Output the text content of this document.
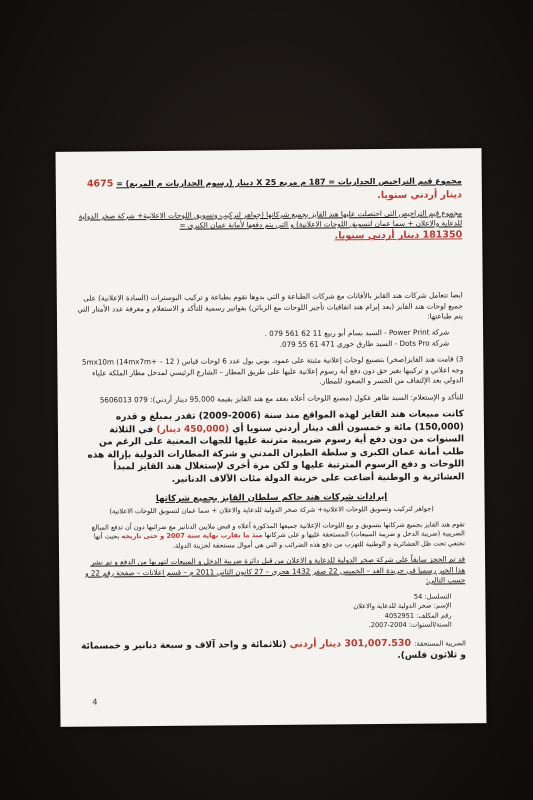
مجموع قيم التراخيص الجداريات = 187 م مربع X 25 دينار (رسوم الجداريات م المربع) = 4675 دينار أردني سنويا.

مجموع قيم التراخيص التي احتصلت عليها هند القايز بجميع شركاتها (جواهر لتركيب وتسويق اللوحات الاعلانية+ شركة صخر الدولية للدعاية والاعلان + سما عمان لتسويق اللوحات الاعلانية) و التي يتم دفعها لأمانة عمان الكبرى =
181350 دينار أردني سنويا.

ايضا تتعامل شركات هند القايز بالأفاتات مع شركات الطباعة و التي بدوها تقوم بطباعة و تركيب البوسترات (السادة الإعلانية) على جميع لوحات هند القايز (بعد إبرام هند اتفاقيات تأجير اللوحات مع الزبائن) بفواتير رسمية للتأكد و الاستعلام و معرفة عدد الأمتار التي يتم طباعتها:

شركة Power Print - السيد بسام أبو ربيع 11 62 561 079 .
شركة Dots Pro - السيد طارق خوري 471 61 55 079.

3) قامت هند القايز(صخر) بتصنيع لوحات إعلانية مثبتة على عمود، يوني بول عدد 6 لوحات قياس ( 5mx10m (14mx7m+ – 12 وجه اعلاني و تركيبها بغير حق دون دفع أية رسوم إعلانية عليها على طريق المطار – الشارع الرئيسي لمدخل مطار الملكة علياء الدولي بعد الإلتفاف من الجسر و الصعود للمطار.

للتأكد و الإستعلام: السيد طاهر عكول (مصنع اللوحات أعلاه بعقد مع هند القايز بقيمة 95,000 دينار أردني): 079 5606013

كانت مبيعات هند القايز لهذه المواقع منذ سنة (2006-2009) تقدر بمبلغ و قدره (150,000) مائة و خمسون ألف دينار أردني سنويا أي (450,000 دينار) في الثلاثة السنوات من دون دفع أية رسوم ضريبية مترتبة عليها للجهات المعنية على الرغم من طلب أمانة عمان الكبرى و سلطة الطيران المدني و شركة المطارات الدولية بإزالة هذه اللوحات و دفع الرسوم المترتبة عليها و لكن مرة أخرى لإستغلال هند القايز لمبدأ العشائرية و الوطنية أضاعت على خزينة الدولة مئات الآلاف الدنانير.

إيرادات شركات هند حاكم سلطان القايز بجميع شركاتها

(جواهر لتركيب وتسويق اللوحات الاعلانية+ شركة صخر الدولية للدعاية والاعلان + سما عمان لتسويق اللوحات الاعلانية)

تقوم هند القايز بجميع شركاتها بتسويق و بيع اللوحات الإعلانية جميعها المذكورة أعلاه و قبض ملايين الدنانير مع ضرائبها دون أن تدفع المبالغ الضريبية (ضريبة الدخل و ضريبة المبيعات) المستحقة عليها و على شركاتها منذ ما يقارب نهاية سنة 2007 و حتى تاريخه بحيث أنها تختفي تحت ظل العشائرية و الوطنية للتهرب من دفع هذه الضرائب و التي هي أموال مستحقة لخزينة الدولة.

قد تم الحجز سابقاً على شركة صخر الدولية للدعاية و الاعلان من قبل دائرة ضريبة الدخل و المبيعات لتهربها من الدفع و تم نشر هذا الخبر رسميا في جريدة الغد – الخميس 22 صفر 1432 هجري – 27 كانون الثاني 2011 م – قسم اعلانات – صفحة رقم 22 و حسب التالي:

التسلسل: 54
الإسم: صخر الدولية للدعاية والاعلان
رقم المكلف: 4052951
السنة/السنوات: 2004-2007.

الضريبة المستحقة: 301,007.530 دينار أردني (ثلاثمائة و واحد آلاف و سبعة دنانير و خمسمائة و ثلاثون فلس).

4
